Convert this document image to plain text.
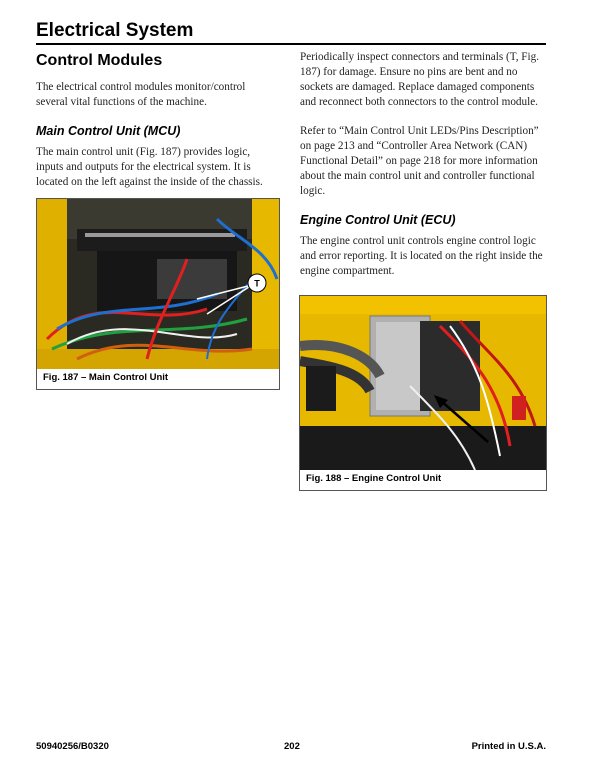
Electrical System
Control Modules

The electrical control modules monitor/control several vital functions of the machine.

Main Control Unit (MCU)

The main control unit (Fig. 187) provides logic, inputs and outputs for the electrical system. It is located on the left against the inside of the chassis.

Periodically inspect connectors and terminals (T, Fig. 187) for damage. Ensure no pins are bent and no sockets are damaged. Replace damaged components and reconnect both connectors to the control module.

Refer to “Main Control Unit LEDs/Pins Description” on page 213 and “Controller Area Network (CAN) Functional Detail” on page 218 for more information about the main control unit and controller functional logic.

Engine Control Unit (ECU)

The engine control unit controls engine control logic and error reporting. It is located on the right inside the engine compartment.

T
Fig. 187 – Main Control Unit
Fig. 188 – Engine Control Unit
50940256/B0320	202	Printed in U.S.A.
